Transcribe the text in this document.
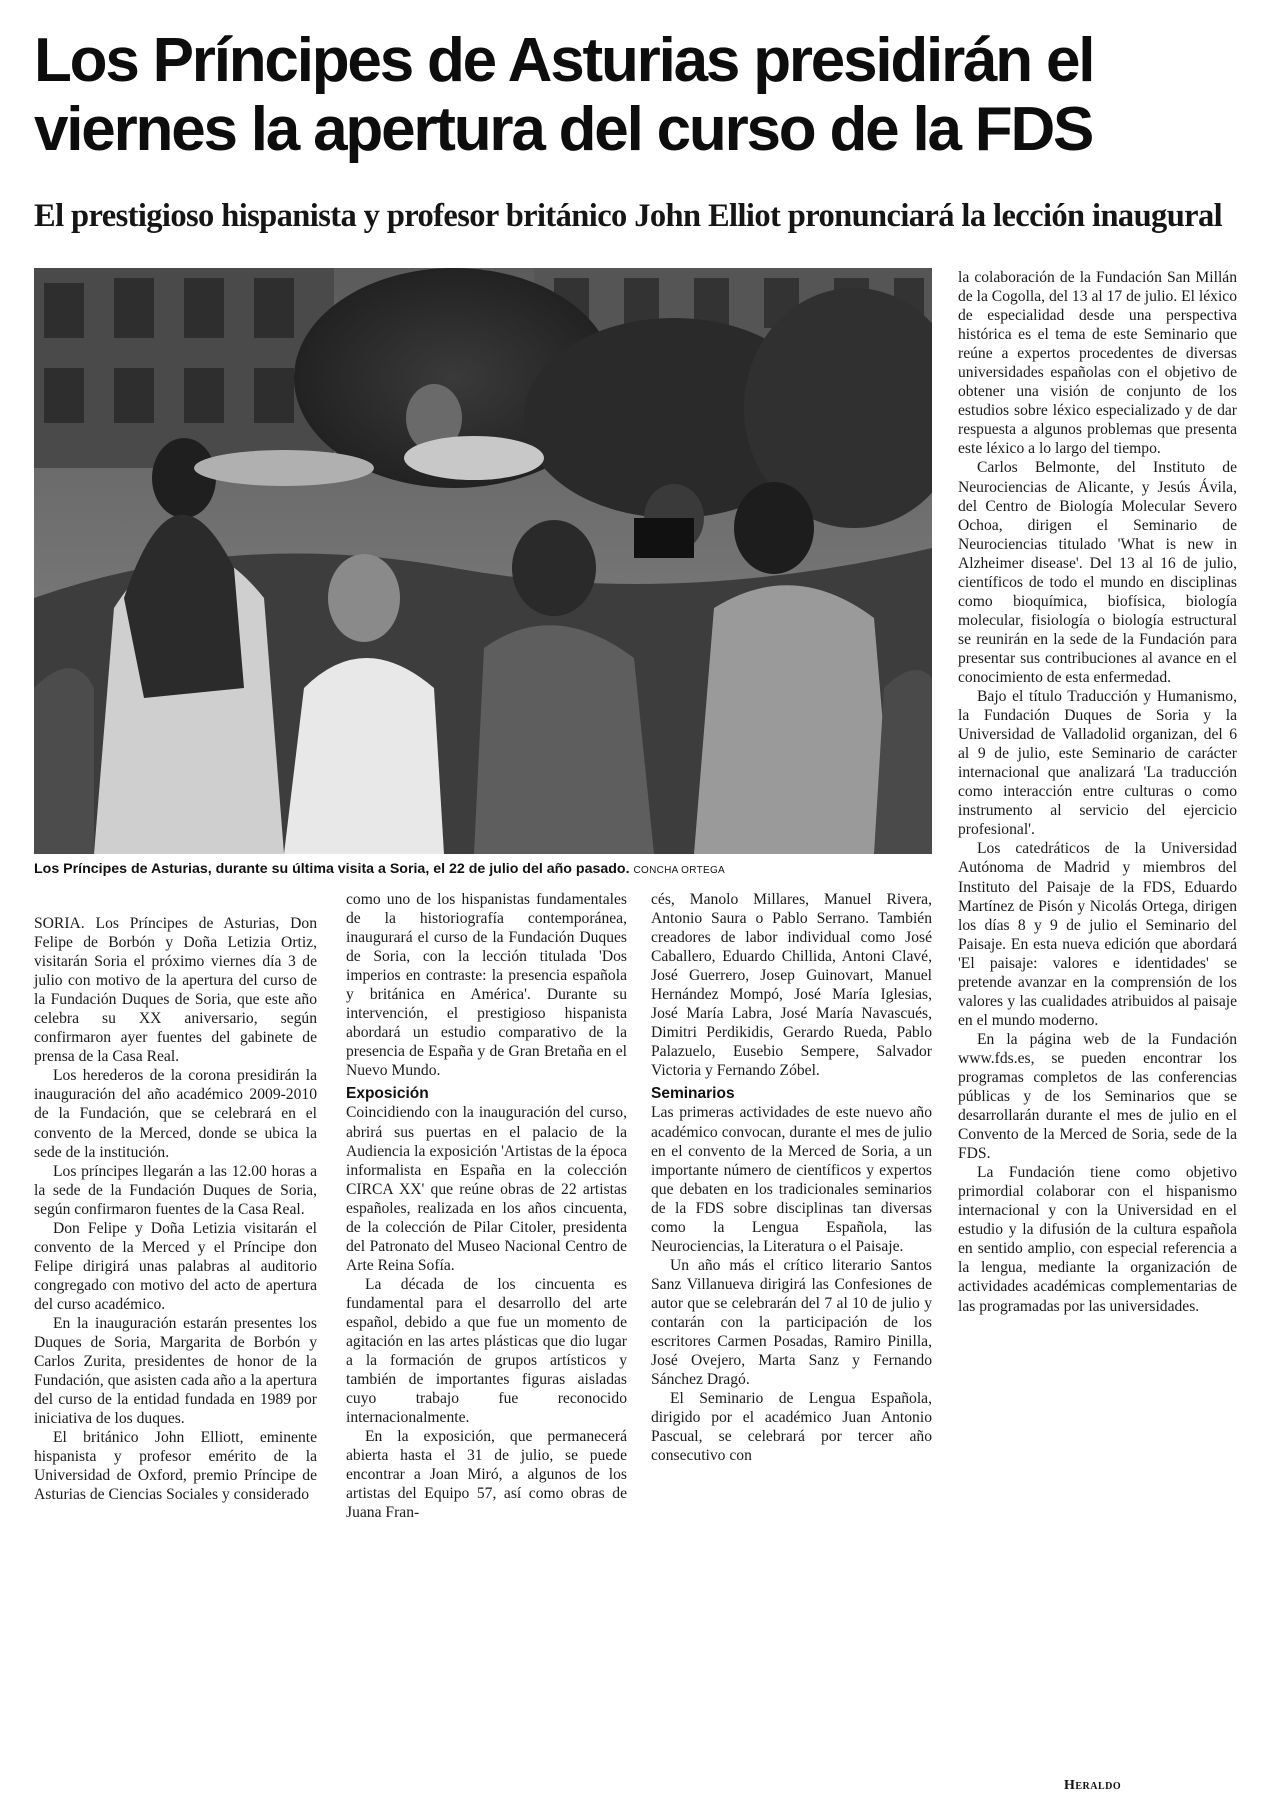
Los Príncipes de Asturias presidirán el viernes la apertura del curso de la FDS
El prestigioso hispanista y profesor británico John Elliot pronunciará la lección inaugural

Los Príncipes de Asturias, durante su última visita a Soria, el 22 de julio del año pasado. CONCHA ORTEGA

SORIA. Los Príncipes de Asturias, Don Felipe de Borbón y Doña Letizia Ortiz, visitarán Soria el próximo viernes día 3 de julio con motivo de la apertura del curso de la Fundación Duques de Soria, que este año celebra su XX aniversario, según confirmaron ayer fuentes del gabinete de prensa de la Casa Real.

Los herederos de la corona presidirán la inauguración del año académico 2009-2010 de la Fundación, que se celebrará en el convento de la Merced, donde se ubica la sede de la institución.

Los príncipes llegarán a las 12.00 horas a la sede de la Fundación Duques de Soria, según confirmaron fuentes de la Casa Real.

Don Felipe y Doña Letizia visitarán el convento de la Merced y el Príncipe don Felipe dirigirá unas palabras al auditorio congregado con motivo del acto de apertura del curso académico.

En la inauguración estarán presentes los Duques de Soria, Margarita de Borbón y Carlos Zurita, presidentes de honor de la Fundación, que asisten cada año a la apertura del curso de la entidad fundada en 1989 por iniciativa de los duques.

El británico John Elliott, eminente hispanista y profesor emérito de la Universidad de Oxford, premio Príncipe de Asturias de Ciencias Sociales y considerado

como uno de los hispanistas fundamentales de la historiografía contemporánea, inaugurará el curso de la Fundación Duques de Soria, con la lección titulada 'Dos imperios en contraste: la presencia española y británica en América'. Durante su intervención, el prestigioso hispanista abordará un estudio comparativo de la presencia de España y de Gran Bretaña en el Nuevo Mundo.

Exposición

Coincidiendo con la inauguración del curso, abrirá sus puertas en el palacio de la Audiencia la exposición 'Artistas de la época informalista en España en la colección CIRCA XX' que reúne obras de 22 artistas españoles, realizada en los años cincuenta, de la colección de Pilar Citoler, presidenta del Patronato del Museo Nacional Centro de Arte Reina Sofía.

La década de los cincuenta es fundamental para el desarrollo del arte español, debido a que fue un momento de agitación en las artes plásticas que dio lugar a la formación de grupos artísticos y también de importantes figuras aisladas cuyo trabajo fue reconocido internacionalmente.

En la exposición, que permanecerá abierta hasta el 31 de julio, se puede encontrar a Joan Miró, a algunos de los artistas del Equipo 57, así como obras de Juana Fran-

cés, Manolo Millares, Manuel Rivera, Antonio Saura o Pablo Serrano. También creadores de labor individual como José Caballero, Eduardo Chillida, Antoni Clavé, José Guerrero, Josep Guinovart, Manuel Hernández Mompó, José María Iglesias, José María Labra, José María Navascués, Dimitri Perdikidis, Gerardo Rueda, Pablo Palazuelo, Eusebio Sempere, Salvador Victoria y Fernando Zóbel.

Seminarios

Las primeras actividades de este nuevo año académico convocan, durante el mes de julio en el convento de la Merced de Soria, a un importante número de científicos y expertos que debaten en los tradicionales seminarios de la FDS sobre disciplinas tan diversas como la Lengua Española, las Neurociencias, la Literatura o el Paisaje.

Un año más el crítico literario Santos Sanz Villanueva dirigirá las Confesiones de autor que se celebrarán del 7 al 10 de julio y contarán con la participación de los escritores Carmen Posadas, Ramiro Pinilla, José Ovejero, Marta Sanz y Fernando Sánchez Dragó.

El Seminario de Lengua Española, dirigido por el académico Juan Antonio Pascual, se celebrará por tercer año consecutivo con

la colaboración de la Fundación San Millán de la Cogolla, del 13 al 17 de julio. El léxico de especialidad desde una perspectiva histórica es el tema de este Seminario que reúne a expertos procedentes de diversas universidades españolas con el objetivo de obtener una visión de conjunto de los estudios sobre léxico especializado y de dar respuesta a algunos problemas que presenta este léxico a lo largo del tiempo.

Carlos Belmonte, del Instituto de Neurociencias de Alicante, y Jesús Ávila, del Centro de Biología Molecular Severo Ochoa, dirigen el Seminario de Neurociencias titulado 'What is new in Alzheimer disease'. Del 13 al 16 de julio, científicos de todo el mundo en disciplinas como bioquímica, biofísica, biología molecular, fisiología o biología estructural se reunirán en la sede de la Fundación para presentar sus contribuciones al avance en el conocimiento de esta enfermedad.

Bajo el título Traducción y Humanismo, la Fundación Duques de Soria y la Universidad de Valladolid organizan, del 6 al 9 de julio, este Seminario de carácter internacional que analizará 'La traducción como interacción entre culturas o como instrumento al servicio del ejercicio profesional'.

Los catedráticos de la Universidad Autónoma de Madrid y miembros del Instituto del Paisaje de la FDS, Eduardo Martínez de Pisón y Nicolás Ortega, dirigen los días 8 y 9 de julio el Seminario del Paisaje. En esta nueva edición que abordará 'El paisaje: valores e identidades' se pretende avanzar en la comprensión de los valores y las cualidades atribuidos al paisaje en el mundo moderno.

En la página web de la Fundación www.fds.es, se pueden encontrar los programas completos de las conferencias públicas y de los Seminarios que se desarrollarán durante el mes de julio en el Convento de la Merced de Soria, sede de la FDS.

La Fundación tiene como objetivo primordial colaborar con el hispanismo internacional y con la Universidad en el estudio y la difusión de la cultura española en sentido amplio, con especial referencia a la lengua, mediante la organización de actividades académicas complementarias de las programadas por las universidades.

Heraldo
